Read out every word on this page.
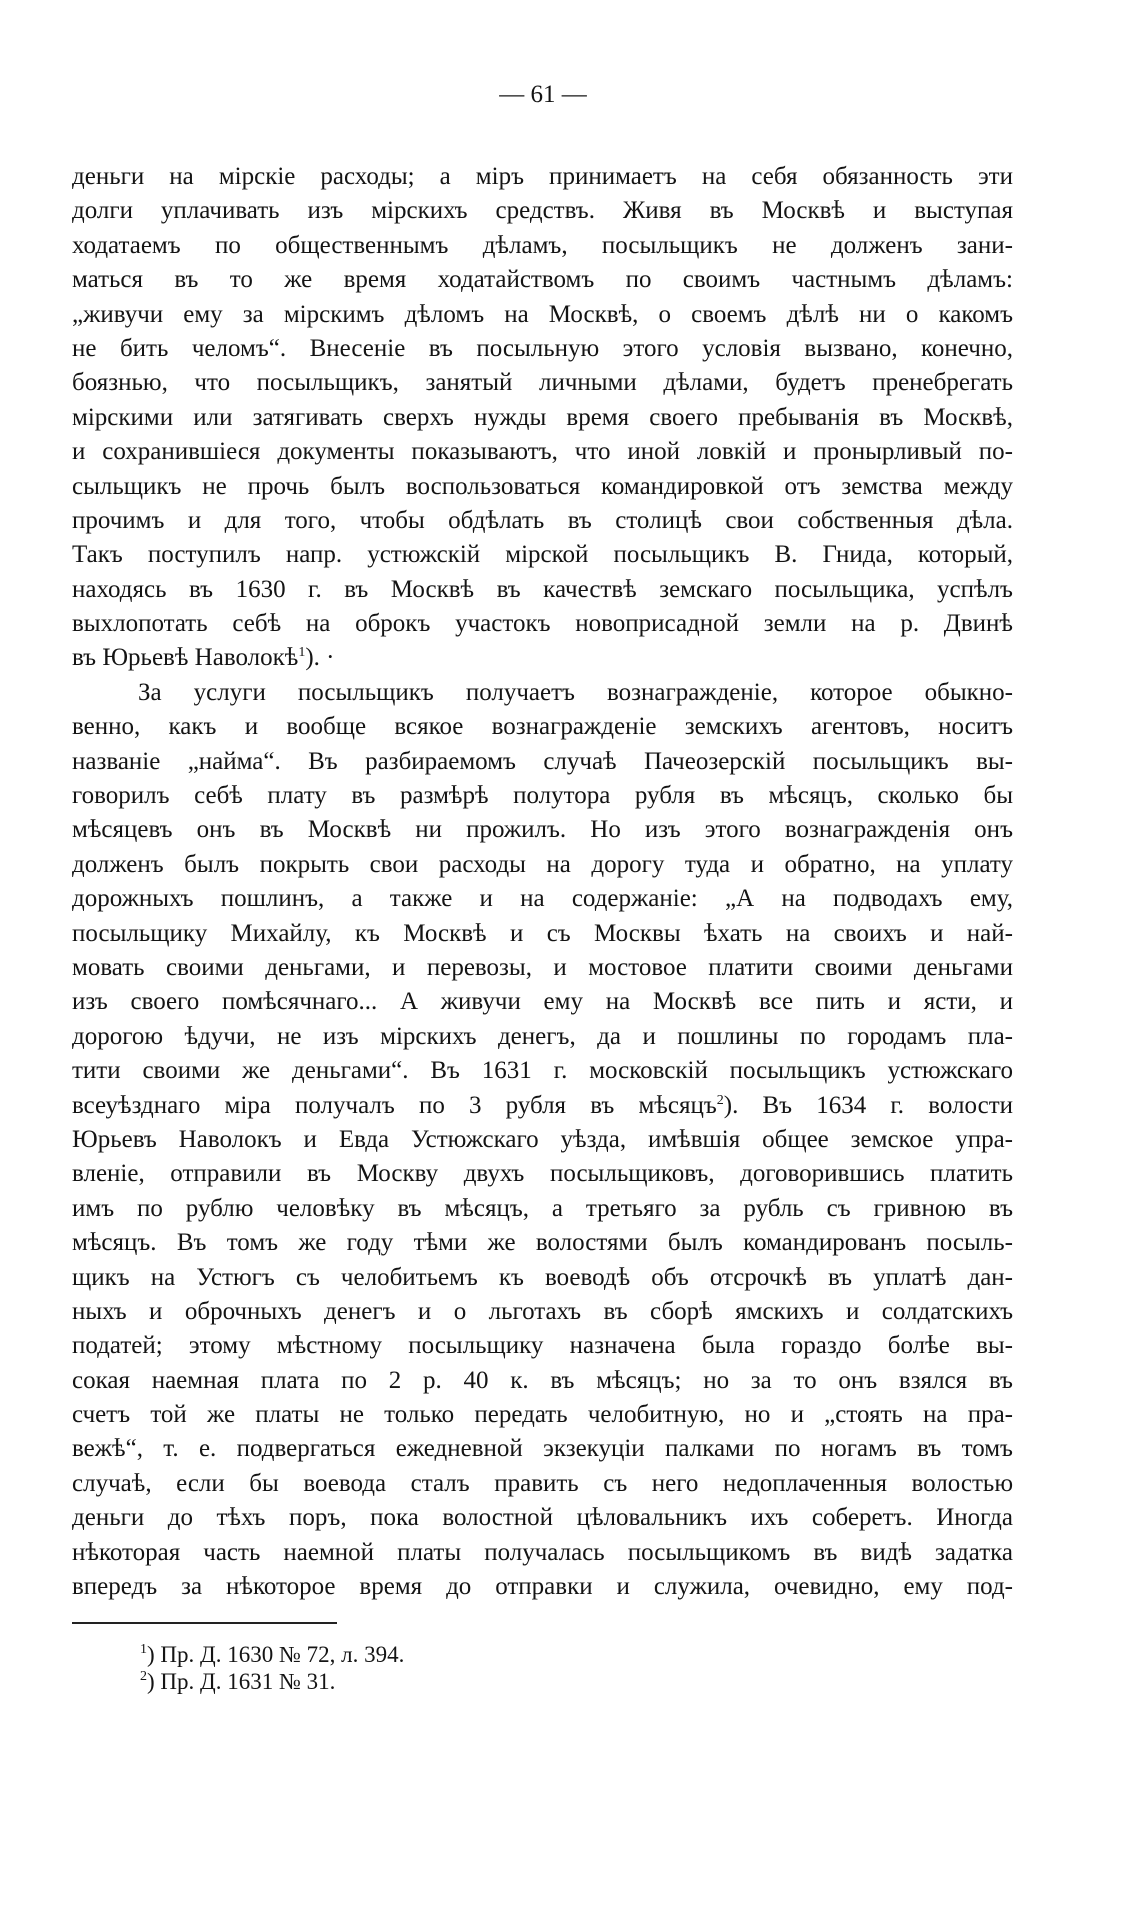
— 61 —
деньги на мірскіе расходы; а міръ принимаетъ на себя обязанность эти
долги уплачивать изъ мірскихъ средствъ. Живя въ Москвѣ и выступая
ходатаемъ по общественнымъ дѣламъ, посыльщикъ не долженъ зани-
маться въ то же время ходатайствомъ по своимъ частнымъ дѣламъ:
„живучи ему за мірскимъ дѣломъ на Москвѣ, о своемъ дѣлѣ ни о какомъ
не бить челомъ“. Внесеніе въ посыльную этого условія вызвано, конечно,
боязнью, что посыльщикъ, занятый личными дѣлами, будетъ пренебрегать
мірскими или затягивать сверхъ нужды время своего пребыванія въ Москвѣ,
и сохранившіеся документы показываютъ, что иной ловкій и пронырливый по-
сыльщикъ не прочь былъ воспользоваться командировкой отъ земства между
прочимъ и для того, чтобы обдѣлать въ столицѣ свои собственныя дѣла.
Такъ поступилъ напр. устюжскій мірской посыльщикъ В. Гнида, который,
находясь въ 1630 г. въ Москвѣ въ качествѣ земскаго посыльщика, успѣлъ
выхлопотать себѣ на оброкъ участокъ новоприсадной земли на р. Двинѣ
въ Юрьевѣ Наволокѣ$^1$). ·
За услуги посыльщикъ получаетъ вознагражденіе, которое обыкно-
венно, какъ и вообще всякое вознагражденіе земскихъ агентовъ, носитъ
названіе „найма“. Въ разбираемомъ случаѣ Пачеозерскій посыльщикъ вы-
говорилъ себѣ плату въ размѣрѣ полутора рубля въ мѣсяцъ, сколько бы
мѣсяцевъ онъ въ Москвѣ ни прожилъ. Но изъ этого вознагражденія онъ
долженъ былъ покрыть свои расходы на дорогу туда и обратно, на уплату
дорожныхъ пошлинъ, а также и на содержаніе: „А на подводахъ ему,
посыльщику Михайлу, къ Москвѣ и съ Москвы ѣхать на своихъ и най-
мовать своими деньгами, и перевозы, и мостовое платити своими деньгами
изъ своего помѣсячнаго... А живучи ему на Москвѣ все пить и ясти, и
дорогою ѣдучи, не изъ мірскихъ денегъ, да и пошлины по городамъ пла-
тити своими же деньгами“. Въ 1631 г. московскій посыльщикъ устюжскаго
всеуѣзднаго міра получалъ по 3 рубля въ мѣсяцъ$^2$). Въ 1634 г. волости
Юрьевъ Наволокъ и Евда Устюжскаго уѣзда, имѣвшія общее земское упра-
вленіе, отправили въ Москву двухъ посыльщиковъ, договорившись платить
имъ по рублю человѣку въ мѣсяцъ, а третьяго за рубль съ гривною въ
мѣсяцъ. Въ томъ же году тѣми же волостями былъ командированъ посыль-
щикъ на Устюгъ съ челобитьемъ къ воеводѣ объ отсрочкѣ въ уплатѣ дан-
ныхъ и оброчныхъ денегъ и о льготахъ въ сборѣ ямскихъ и солдатскихъ
податей; этому мѣстному посыльщику назначена была гораздо болѣе вы-
сокая наемная плата по 2 р. 40 к. въ мѣсяцъ; но за то онъ взялся въ
счетъ той же платы не только передать челобитную, но и „стоять на пра-
вежѣ“, т. е. подвергаться ежедневной экзекуціи палками по ногамъ въ томъ
случаѣ, если бы воевода сталъ править съ него недоплаченныя волостью
деньги до тѣхъ поръ, пока волостной цѣловальникъ ихъ соберетъ. Иногда
нѣкоторая часть наемной платы получалась посыльщикомъ въ видѣ задатка
впередъ за нѣкоторое время до отправки и служила, очевидно, ему под-
$^1$) Пр. Д. 1630 № 72, л. 394.
$^2$) Пр. Д. 1631 № 31.
